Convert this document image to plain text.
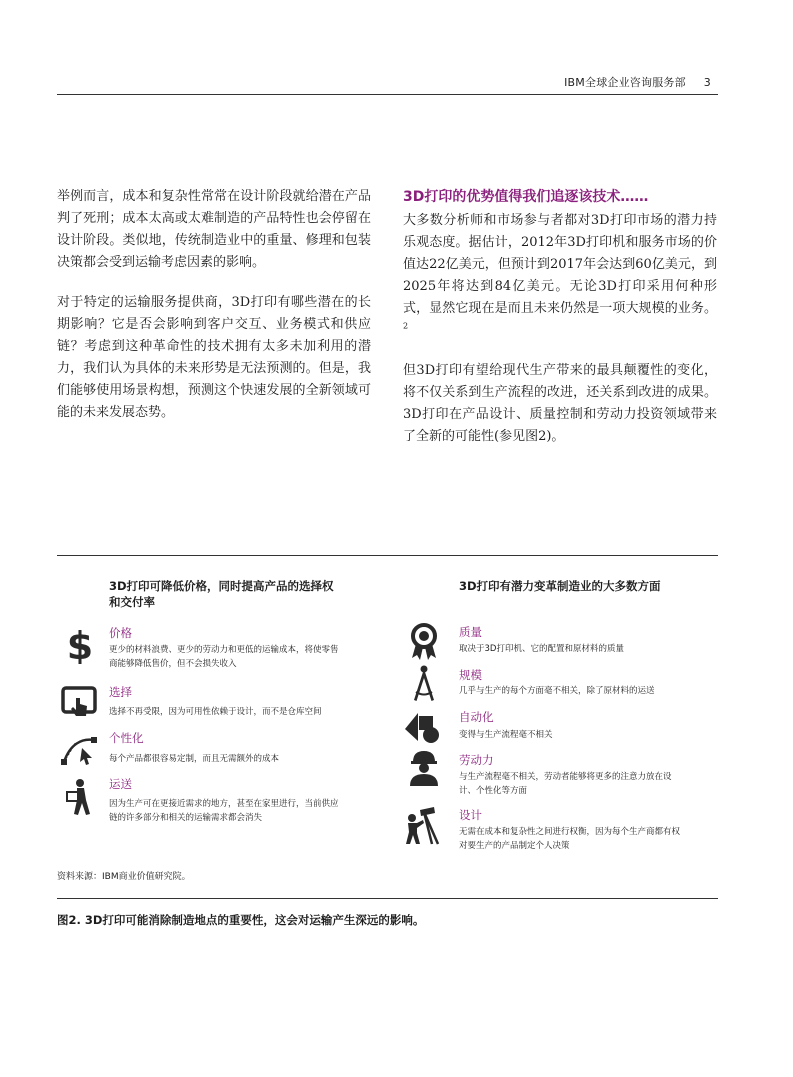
IBM全球企业咨询服务部 3

举例而言，成本和复杂性常常在设计阶段就给潜在产品判了死刑；成本太高或太难制造的产品特性也会停留在设计阶段。类似地，传统制造业中的重量、修理和包装决策都会受到运输考虑因素的影响。

对于特定的运输服务提供商，3D打印有哪些潜在的长期影响？它是否会影响到客户交互、业务模式和供应链？考虑到这种革命性的技术拥有太多未加利用的潜力，我们认为具体的未来形势是无法预测的。但是，我们能够使用场景构想，预测这个快速发展的全新领域可能的未来发展态势。

3D打印的优势值得我们追逐该技术……

大多数分析师和市场参与者都对3D打印市场的潜力持乐观态度。据估计，2012年3D打印机和服务市场的价值达22亿美元，但预计到2017年会达到60亿美元，到2025年将达到84亿美元。无论3D打印采用何种形式，显然它现在是而且未来仍然是一项大规模的业务。$^2$

但3D打印有望给现代生产带来的最具颠覆性的变化，将不仅关系到生产流程的改进，还关系到改进的成果。3D打印在产品设计、质量控制和劳动力投资领域带来了全新的可能性(参见图2)。

3D打印可降低价格，同时提高产品的选择权
和交付率
3D打印有潜力变革制造业的大多数方面
$ 价格
更少的材料浪费、更少的劳动力和更低的运输成本，将使零售
商能够降低售价，但不会损失收入
选择
选择不再受限，因为可用性依赖于设计，而不是仓库空间
个性化
每个产品都很容易定制，而且无需额外的成本
运送
因为生产可在更接近需求的地方，甚至在家里进行，当前供应
链的许多部分和相关的运输需求都会消失
质量
取决于3D打印机、它的配置和原材料的质量
规模
几乎与生产的每个方面毫不相关，除了原材料的运送
自动化
变得与生产流程毫不相关
劳动力
与生产流程毫不相关，劳动者能够将更多的注意力放在设
计、个性化等方面
设计
无需在成本和复杂性之间进行权衡，因为每个生产商都有权
对要生产的产品制定个人决策
资料来源：IBM商业价值研究院。
图2. 3D打印可能消除制造地点的重要性，这会对运输产生深远的影响。
